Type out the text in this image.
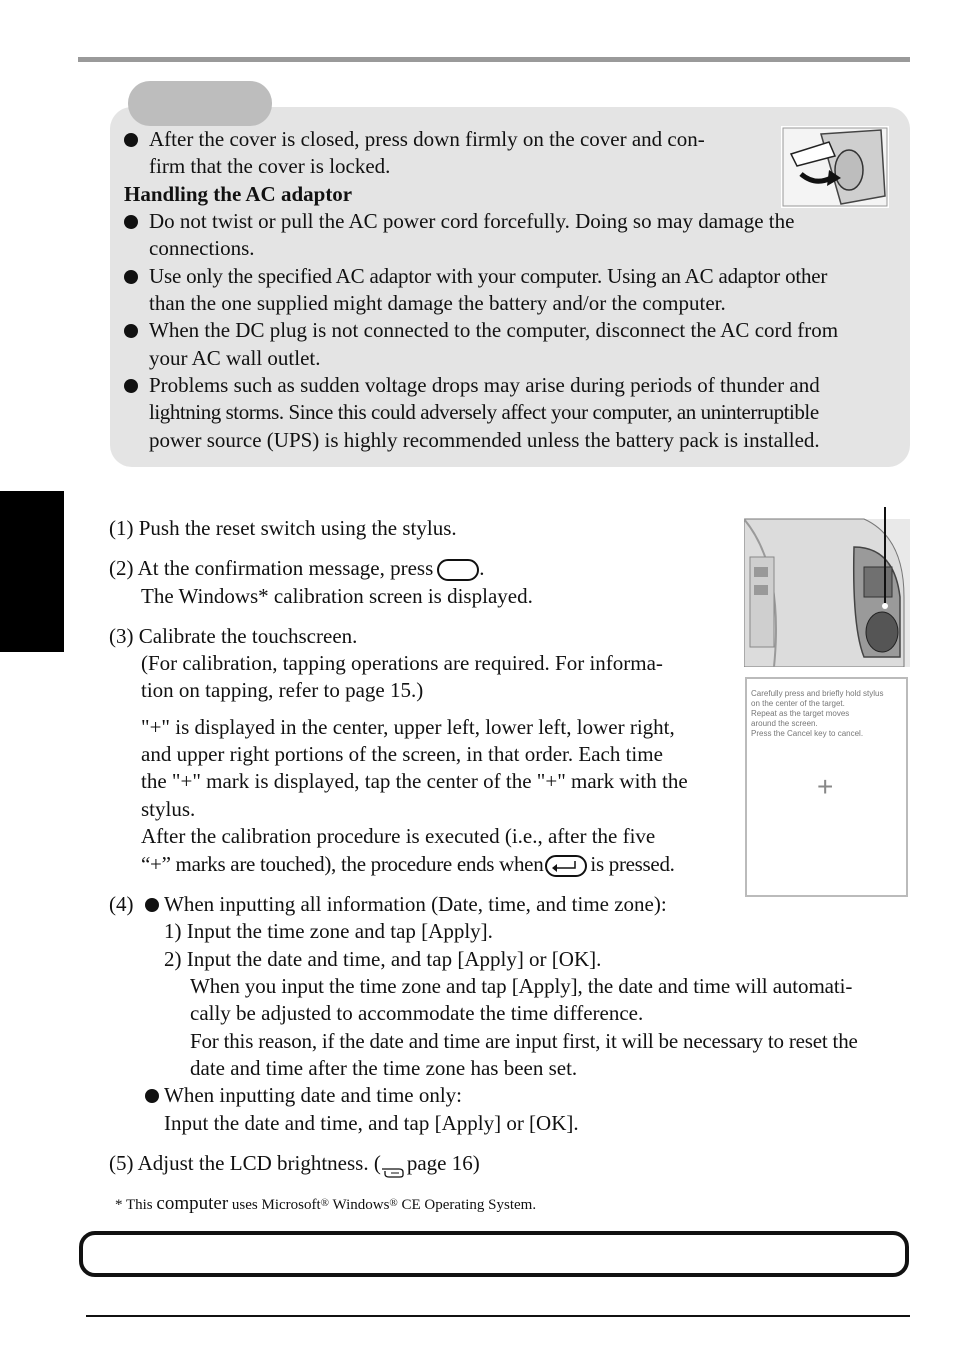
After the cover is closed, press down firmly on the cover and con-
firm that the cover is locked.
Handling the AC adaptor
Do not twist or pull the AC power cord forcefully. Doing so may damage the
connections.
Use only the specified AC adaptor with your computer. Using an AC adaptor other
than the one supplied might damage the battery and/or the computer.
When the DC plug is not connected to the computer, disconnect the AC cord from
your AC wall outlet.
Problems such as sudden voltage drops may arise during periods of thunder and
lightning storms. Since this could adversely affect your computer, an uninterruptible
power source (UPS) is highly recommended unless the battery pack is installed.
Carefully press and briefly hold stylus
on the center of the target.
Repeat as the target moves
around the screen.
Press the Cancel key to cancel.
+
(1) Push the reset switch using the stylus.
(2) At the confirmation message, press .
The Windows* calibration screen is displayed.
(3) Calibrate the touchscreen.
(For calibration, tapping operations are required. For informa-
tion on tapping, refer to page 15.)
"+" is displayed in the center, upper left, lower left, lower right,
and upper right portions of the screen, in that order. Each time
the "+" mark is displayed, tap the center of the "+" mark with the
stylus.
After the calibration procedure is executed (i.e., after the five
“+” marks are touched), the procedure ends when is pressed.
(4) When inputting all information (Date, time, and time zone):
1) Input the time zone and tap [Apply].
2) Input the date and time, and tap [Apply] or [OK].
When you input the time zone and tap [Apply], the date and time will automati-
cally be adjusted to accommodate the time difference.
For this reason, if the date and time are input first, it will be necessary to reset the
date and time after the time zone has been set.
When inputting date and time only:
Input the date and time, and tap [Apply] or [OK].
(5) Adjust the LCD brightness. ( page 16)
* This computer uses Microsoft® Windows® CE Operating System.
